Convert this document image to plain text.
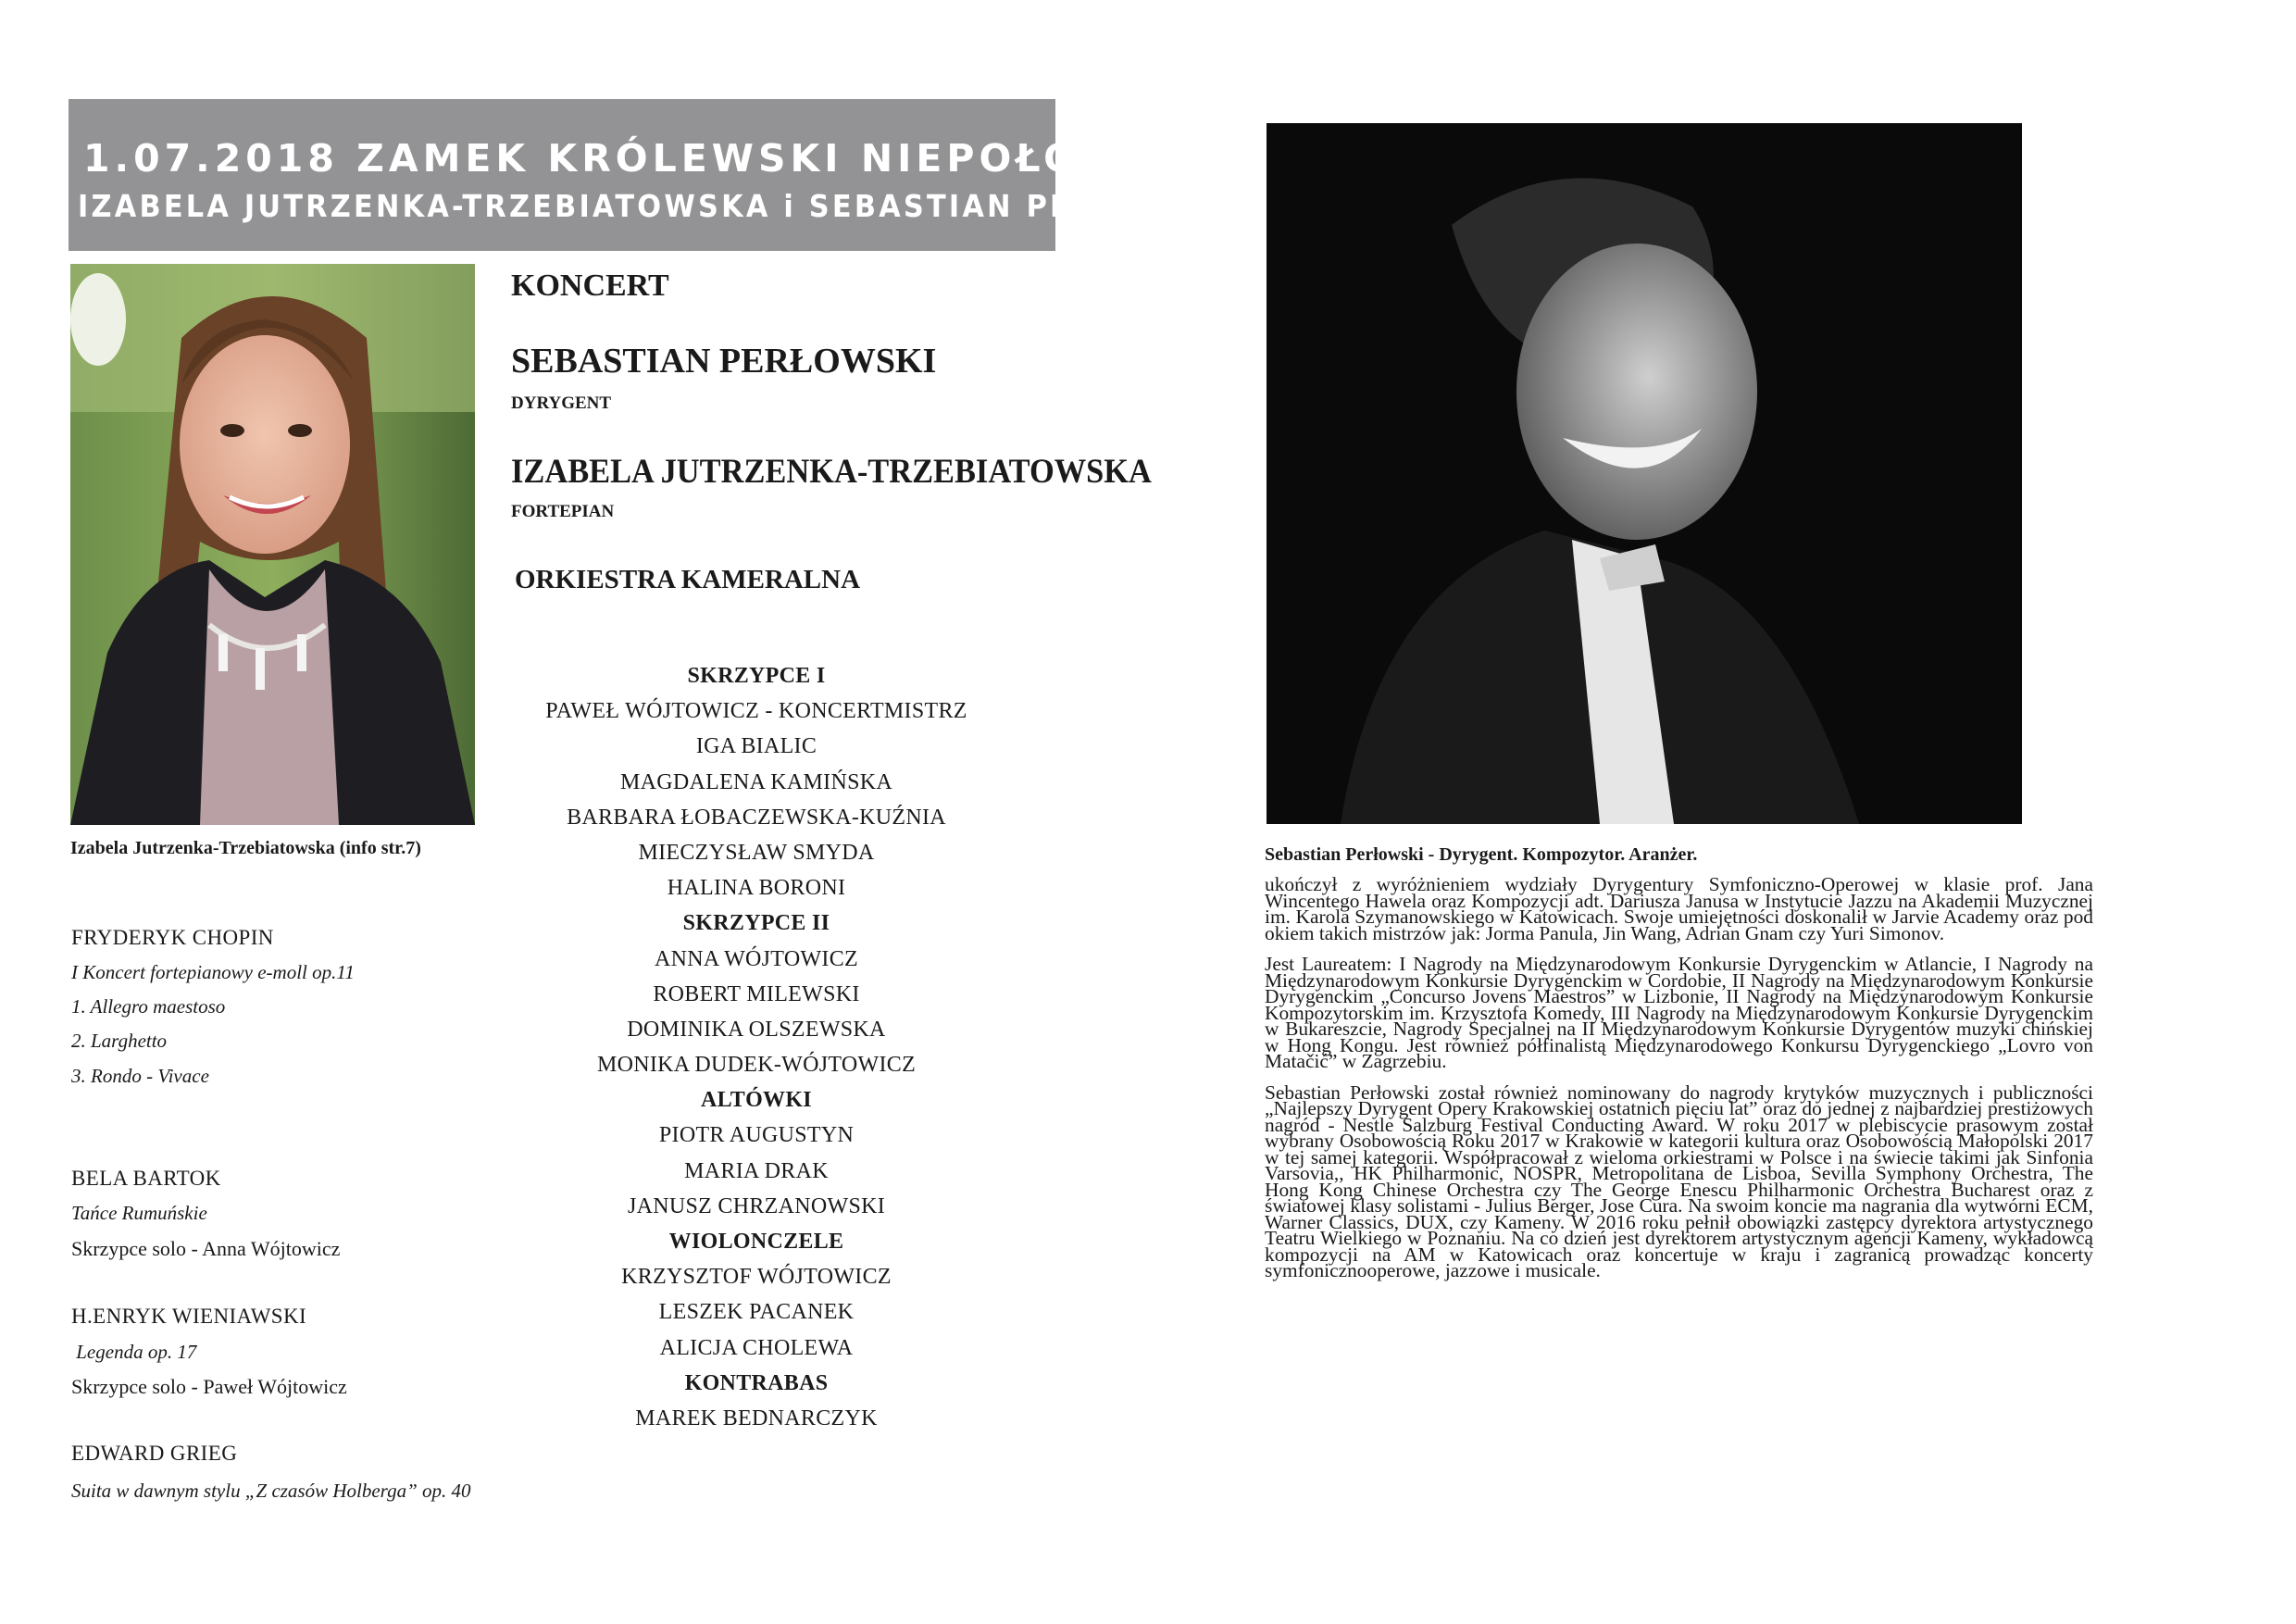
1.07.2018 ZAMEK KRÓLEWSKI NIEPOŁOMICE
IZABELA JUTRZENKA-TRZEBIATOWSKA i SEBASTIAN PERŁOWSKI
Izabela Jutrzenka-Trzebiatowska (info str.7)	Sebastian Perłowski - Dyrygent. Kompozytor. Aranżer.
KONCERT
SEBASTIAN PERŁOWSKI
DYRYGENT
IZABELA JUTRZENKA-TRZEBIATOWSKA
FORTEPIAN
ORKIESTRA KAMERALNA
SKRZYPCE I
PAWEŁ WÓJTOWICZ - KONCERTMISTRZ
IGA BIALIC
MAGDALENA KAMIŃSKA
BARBARA ŁOBACZEWSKA-KUŹNIA
MIECZYSŁAW SMYDA
HALINA BORONI
SKRZYPCE II
ANNA WÓJTOWICZ
ROBERT MILEWSKI
DOMINIKA OLSZEWSKA
MONIKA DUDEK-WÓJTOWICZ
ALTÓWKI
PIOTR AUGUSTYN
MARIA DRAK
JANUSZ CHRZANOWSKI
WIOLONCZELE
KRZYSZTOF WÓJTOWICZ
LESZEK PACANEK
ALICJA CHOLEWA
KONTRABAS
MAREK BEDNARCZYK
FRYDERYK CHOPIN
I Koncert fortepianowy e-moll op.11
1. Allegro maestoso
2. Larghetto
3. Rondo - Vivace
BELA BARTOK
Tańce Rumuńskie
Skrzypce solo - Anna Wójtowicz
H.ENRYK WIENIAWSKI
Legenda op. 17
Skrzypce solo - Paweł Wójtowicz
EDWARD GRIEG
Suita w dawnym stylu „Z czasów Holberga” op. 40

ukończył z wyróżnieniem wydziały Dyrygentury Symfoniczno-Operowej w klasie prof. Jana Wincentego Hawela oraz Kompozycji adt. Dariusza Janusa w Instytucie Jazzu na Akademii Muzycznej im. Karola Szymanowskiego w Katowicach. Swoje umiejętności doskonalił w Jarvie Academy oraz pod okiem takich mistrzów jak: Jorma Panula, Jin Wang, Adrian Gnam czy Yuri Simonov.

Jest Laureatem: I Nagrody na Międzynarodowym Konkursie Dyrygenckim w Atlancie, I Nagrody na Międzynarodowym Konkursie Dyrygenckim w Cordobie, II Nagrody na Międzynarodowym Konkursie Dyrygenckim „Concurso Jovens Maestros” w Lizbonie, II Nagrody na Międzynarodowym Konkursie Kompozytorskim im. Krzysztofa Komedy, III Nagrody na Międzynarodowym Konkursie Dyrygenckim w Bukareszcie, Nagrody Specjalnej na II Międzynarodowym Konkursie Dyrygentów muzyki chińskiej w Hong Kongu. Jest również półfinalistą Międzynarodowego Konkursu Dyrygenckiego „Lovro von Matačić” w Zagrzebiu.

Sebastian Perłowski został również nominowany do nagrody krytyków muzycznych i publiczności „Najlepszy Dyrygent Opery Krakowskiej ostatnich pięciu lat” oraz do jednej z najbardziej prestiżowych nagród - Nestle Salzburg Festival Conducting Award. W roku 2017 w plebiscycie prasowym został wybrany Osobowością Roku 2017 w Krakowie w kategorii kultura oraz Osobowością Małopolski 2017 w tej samej kategorii. Współpracował z wieloma orkiestrami w Polsce i na świecie takimi jak Sinfonia Varsovia,, HK Philharmonic, NOSPR, Metropolitana de Lisboa, Sevilla Symphony Orchestra, The Hong Kong Chinese Orchestra czy The George Enescu Philharmonic Orchestra Bucharest oraz z światowej klasy solistami - Julius Berger, Jose Cura. Na swoim koncie ma nagrania dla wytwórni ECM, Warner Classics, DUX, czy Kameny. W 2016 roku pełnił obowiązki zastępcy dyrektora artystycznego Teatru Wielkiego w Poznaniu. Na co dzień jest dyrektorem artystycznym agencji Kameny, wykładowcą kompozycji na AM w Katowicach oraz koncertuje w kraju i zagranicą prowadząc koncerty symfonicznooperowe, jazzowe i musicale.
